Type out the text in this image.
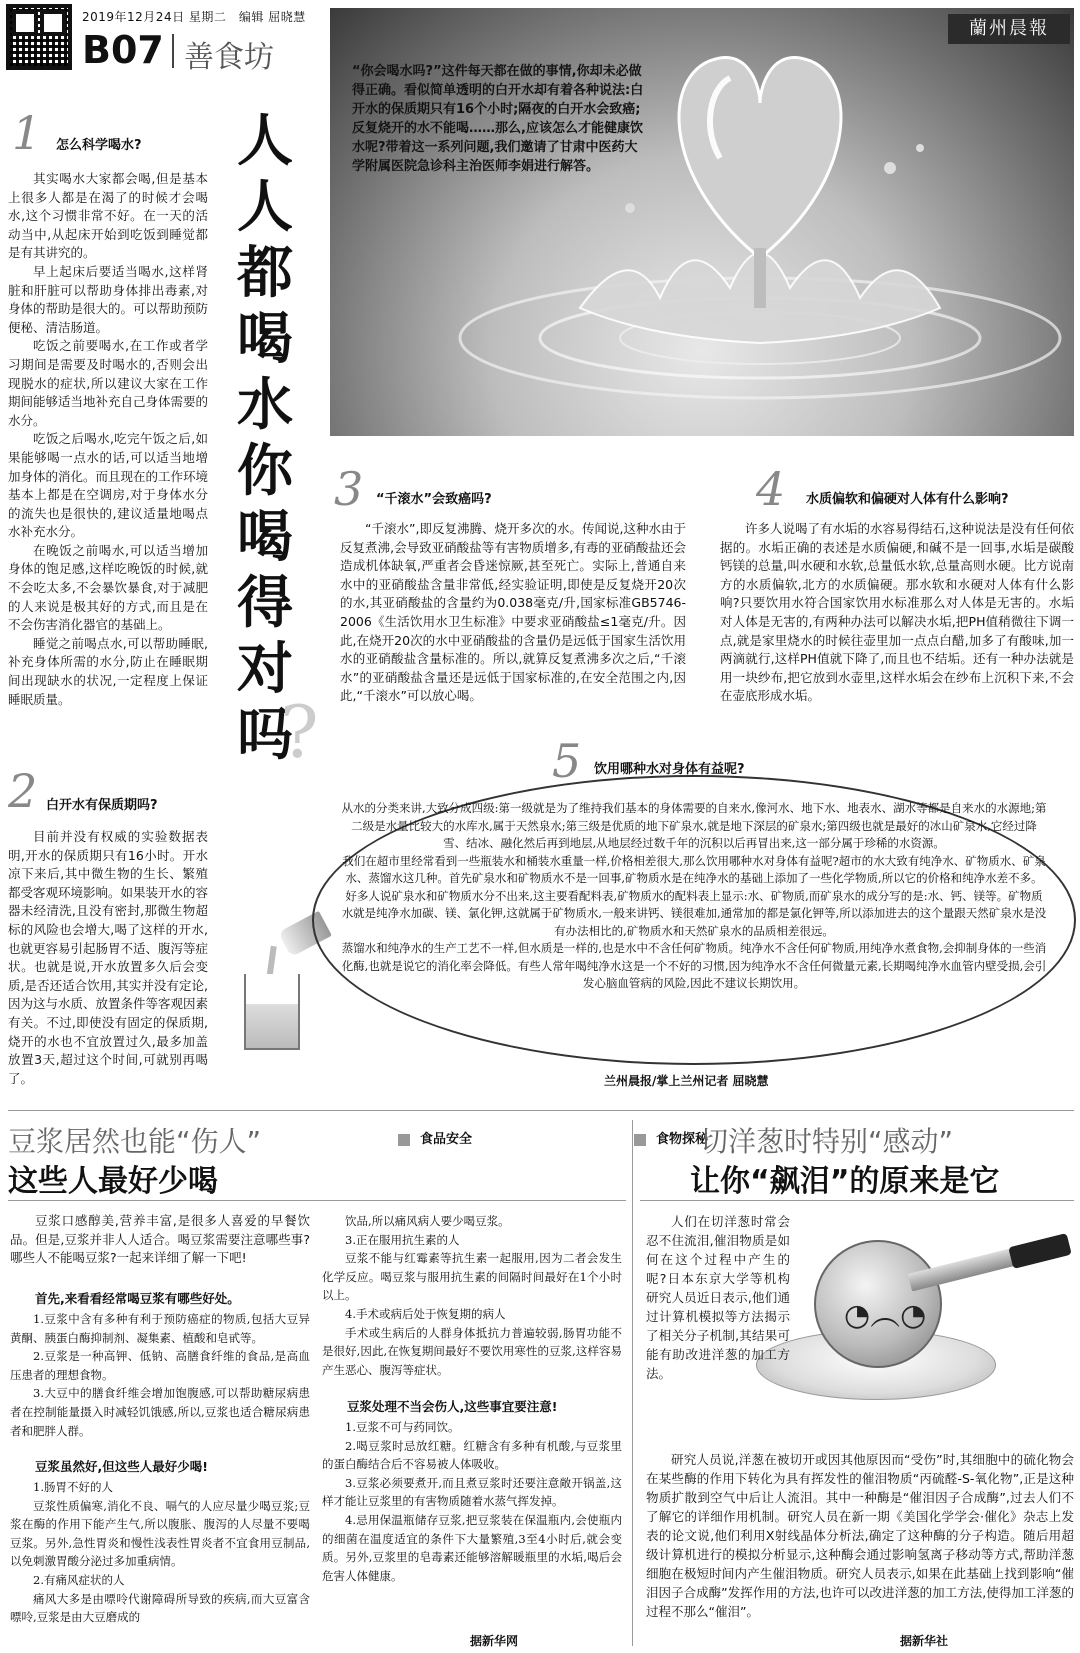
2019年12月24日 星期二　编辑 屈晓慧
B07 善食坊
蘭州晨報
“你会喝水吗?”这件每天都在做的事情,你却未必做得正确。看似简单透明的白开水却有着各种说法:白开水的保质期只有16个小时;隔夜的白开水会致癌;反复烧开的水不能喝……那么,应该怎么才能健康饮水呢?带着这一系列问题,我们邀请了甘肃中医药大学附属医院急诊科主治医师李娟进行解答。
人人都喝水
你喝得对吗
?
1 怎么科学喝水?

其实喝水大家都会喝,但是基本上很多人都是在渴了的时候才会喝水,这个习惯非常不好。在一天的活动当中,从起床开始到吃饭到睡觉都是有其讲究的。

早上起床后要适当喝水,这样肾脏和肝脏可以帮助身体排出毒素,对身体的帮助是很大的。可以帮助预防便秘、清洁肠道。

吃饭之前要喝水,在工作或者学习期间是需要及时喝水的,否则会出现脱水的症状,所以建议大家在工作期间能够适当地补充自己身体需要的水分。

吃饭之后喝水,吃完午饭之后,如果能够喝一点水的话,可以适当地增加身体的消化。而且现在的工作环境基本上都是在空调房,对于身体水分的流失也是很快的,建议适量地喝点水补充水分。

在晚饭之前喝水,可以适当增加身体的饱足感,这样吃晚饭的时候,就不会吃太多,不会暴饮暴食,对于减肥的人来说是极其好的方式,而且是在不会伤害消化器官的基础上。

睡觉之前喝点水,可以帮助睡眠,补充身体所需的水分,防止在睡眠期间出现缺水的状况,一定程度上保证睡眠质量。

2 白开水有保质期吗?

目前并没有权威的实验数据表明,开水的保质期只有16小时。开水凉下来后,其中微生物的生长、繁殖都受客观环境影响。如果装开水的容器未经清洗,且没有密封,那微生物超标的风险也会增大,喝了这样的开水,也就更容易引起肠胃不适、腹泻等症状。也就是说,开水放置多久后会变质,是否还适合饮用,其实并没有定论,因为这与水质、放置条件等客观因素有关。不过,即使没有固定的保质期,烧开的水也不宜放置过久,最多加盖放置3天,超过这个时间,可就别再喝了。

3 “千滚水”会致癌吗?

“千滚水”,即反复沸腾、烧开多次的水。传闻说,这种水由于反复煮沸,会导致亚硝酸盐等有害物质增多,有毒的亚硝酸盐还会造成机体缺氧,严重者会昏迷惊厥,甚至死亡。实际上,普通自来水中的亚硝酸盐含量非常低,经实验证明,即使是反复烧开20次的水,其亚硝酸盐的含量约为0.038毫克/升,国家标准GB5746-2006《生活饮用水卫生标准》中要求亚硝酸盐≤1毫克/升。因此,在烧开20次的水中亚硝酸盐的含量仍是远低于国家生活饮用水的亚硝酸盐含量标准的。所以,就算反复煮沸多次之后,“千滚水”的亚硝酸盐含量还是远低于国家标准的,在安全范围之内,因此,“千滚水”可以放心喝。

4 水质偏软和偏硬对人体有什么影响?

许多人说喝了有水垢的水容易得结石,这种说法是没有任何依据的。水垢正确的表述是水质偏硬,和碱不是一回事,水垢是碳酸钙镁的总量,叫水硬和水软,总量低水软,总量高则水硬。比方说南方的水质偏软,北方的水质偏硬。那水软和水硬对人体有什么影响?只要饮用水符合国家饮用水标准那么对人体是无害的。水垢对人体是无害的,有两种办法可以解决水垢,把PH值稍微往下调一点,就是家里烧水的时候往壶里加一点点白醋,加多了有酸味,加一两滴就行,这样PH值就下降了,而且也不结垢。还有一种办法就是用一块纱布,把它放到水壶里,这样水垢会在纱布上沉积下来,不会在壶底形成水垢。

5 饮用哪种水对身体有益呢?

从水的分类来讲,大致分成四级:第一级就是为了维持我们基本的身体需要的自来水,像河水、地下水、地表水、湖水等都是自来水的水源地;第二级是水量比较大的水库水,属于天然泉水;第三级是优质的地下矿泉水,就是地下深层的矿泉水;第四级也就是最好的冰山矿泉水,它经过降雪、结冰、融化然后再到地层,从地层经过数千年的沉积以后再冒出来,这一部分属于珍稀的水资源。

我们在超市里经常看到一些瓶装水和桶装水重量一样,价格相差很大,那么饮用哪种水对身体有益呢?超市的水大致有纯净水、矿物质水、矿泉水、蒸馏水这几种。首先矿泉水和矿物质水不是一回事,矿物质水是在纯净水的基础上添加了一些化学物质,所以它的价格和纯净水差不多。好多人说矿泉水和矿物质水分不出来,这主要看配料表,矿物质水的配料表上显示:水、矿物质,而矿泉水的成分写的是:水、钙、镁等。矿物质水就是纯净水加碳、镁、氯化钾,这就属于矿物质水,一般来讲钙、镁很难加,通常加的都是氯化钾等,所以添加进去的这个量跟天然矿泉水是没有办法相比的,矿物质水和天然矿泉水的品质相差很远。

蒸馏水和纯净水的生产工艺不一样,但水质是一样的,也是水中不含任何矿物质。纯净水不含任何矿物质,用纯净水煮食物,会抑制身体的一些消化酶,也就是说它的消化率会降低。有些人常年喝纯净水这是一个不好的习惯,因为纯净水不含任何微量元素,长期喝纯净水血管内壁受损,会引发心脑血管病的风险,因此不建议长期饮用。

兰州晨报/掌上兰州记者 屈晓慧
豆浆居然也能“伤人”	食品安全
这些人最好少喝
豆浆口感醇美,营养丰富,是很多人喜爱的早餐饮品。但是,豆浆并非人人适合。喝豆浆需要注意哪些事?哪些人不能喝豆浆?一起来详细了解一下吧!
首先,来看看经常喝豆浆有哪些好处。

1.豆浆中含有多种有利于预防癌症的物质,包括大豆异黄酮、胰蛋白酶抑制剂、凝集素、植酸和皂甙等。

2.豆浆是一种高钾、低钠、高膳食纤维的食品,是高血压患者的理想食物。

3.大豆中的膳食纤维会增加饱腹感,可以帮助糖尿病患者在控制能量摄入时减轻饥饿感,所以,豆浆也适合糖尿病患者和肥胖人群。

豆浆虽然好,但这些人最好少喝!

1.肠胃不好的人

豆浆性质偏寒,消化不良、嗝气的人应尽量少喝豆浆;豆浆在酶的作用下能产生气,所以腹胀、腹泻的人尽量不要喝豆浆。另外,急性胃炎和慢性浅表性胃炎者不宜食用豆制品,以免刺激胃酸分泌过多加重病情。

2.有痛风症状的人

痛风大多是由嘌呤代谢障碍所导致的疾病,而大豆富含嘌呤,豆浆是由大豆磨成的

饮品,所以痛风病人要少喝豆浆。

3.正在服用抗生素的人

豆浆不能与红霉素等抗生素一起服用,因为二者会发生化学反应。喝豆浆与服用抗生素的间隔时间最好在1个小时以上。

4.手术或病后处于恢复期的病人

手术或生病后的人群身体抵抗力普遍较弱,肠胃功能不是很好,因此,在恢复期间最好不要饮用寒性的豆浆,这样容易产生恶心、腹泻等症状。

豆浆处理不当会伤人,这些事宜要注意!

1.豆浆不可与药同饮。

2.喝豆浆时忌放红糖。红糖含有多种有机酸,与豆浆里的蛋白酶结合后不容易被人体吸收。

3.豆浆必须要煮开,而且煮豆浆时还要注意敞开锅盖,这样才能让豆浆里的有害物质随着水蒸气挥发掉。

4.忌用保温瓶储存豆浆,把豆浆装在保温瓶内,会使瓶内的细菌在温度适宜的条件下大量繁殖,3至4小时后,就会变质。另外,豆浆里的皂毒素还能够溶解暖瓶里的水垢,喝后会危害人体健康。

据新华网
食物探秘
切洋葱时特别“感动”
让你“飙泪”的原来是它
◔︵◔
人们在切洋葱时常会忍不住流泪,催泪物质是如何在这个过程中产生的呢?日本东京大学等机构研究人员近日表示,他们通过计算机模拟等方法揭示了相关分子机制,其结果可能有助改进洋葱的加工方法。
研究人员说,洋葱在被切开或因其他原因而“受伤”时,其细胞中的硫化物会在某些酶的作用下转化为具有挥发性的催泪物质“丙硫醛-S-氧化物”,正是这种物质扩散到空气中后让人流泪。其中一种酶是“催泪因子合成酶”,过去人们不了解它的详细作用机制。研究人员在新一期《美国化学学会·催化》杂志上发表的论文说,他们利用X射线晶体分析法,确定了这种酶的分子构造。随后用超级计算机进行的模拟分析显示,这种酶会通过影响氢离子移动等方式,帮助洋葱细胞在极短时间内产生催泪物质。研究人员表示,如果在此基础上找到影响“催泪因子合成酶”发挥作用的方法,也许可以改进洋葱的加工方法,使得加工洋葱的过程不那么“催泪”。
据新华社
